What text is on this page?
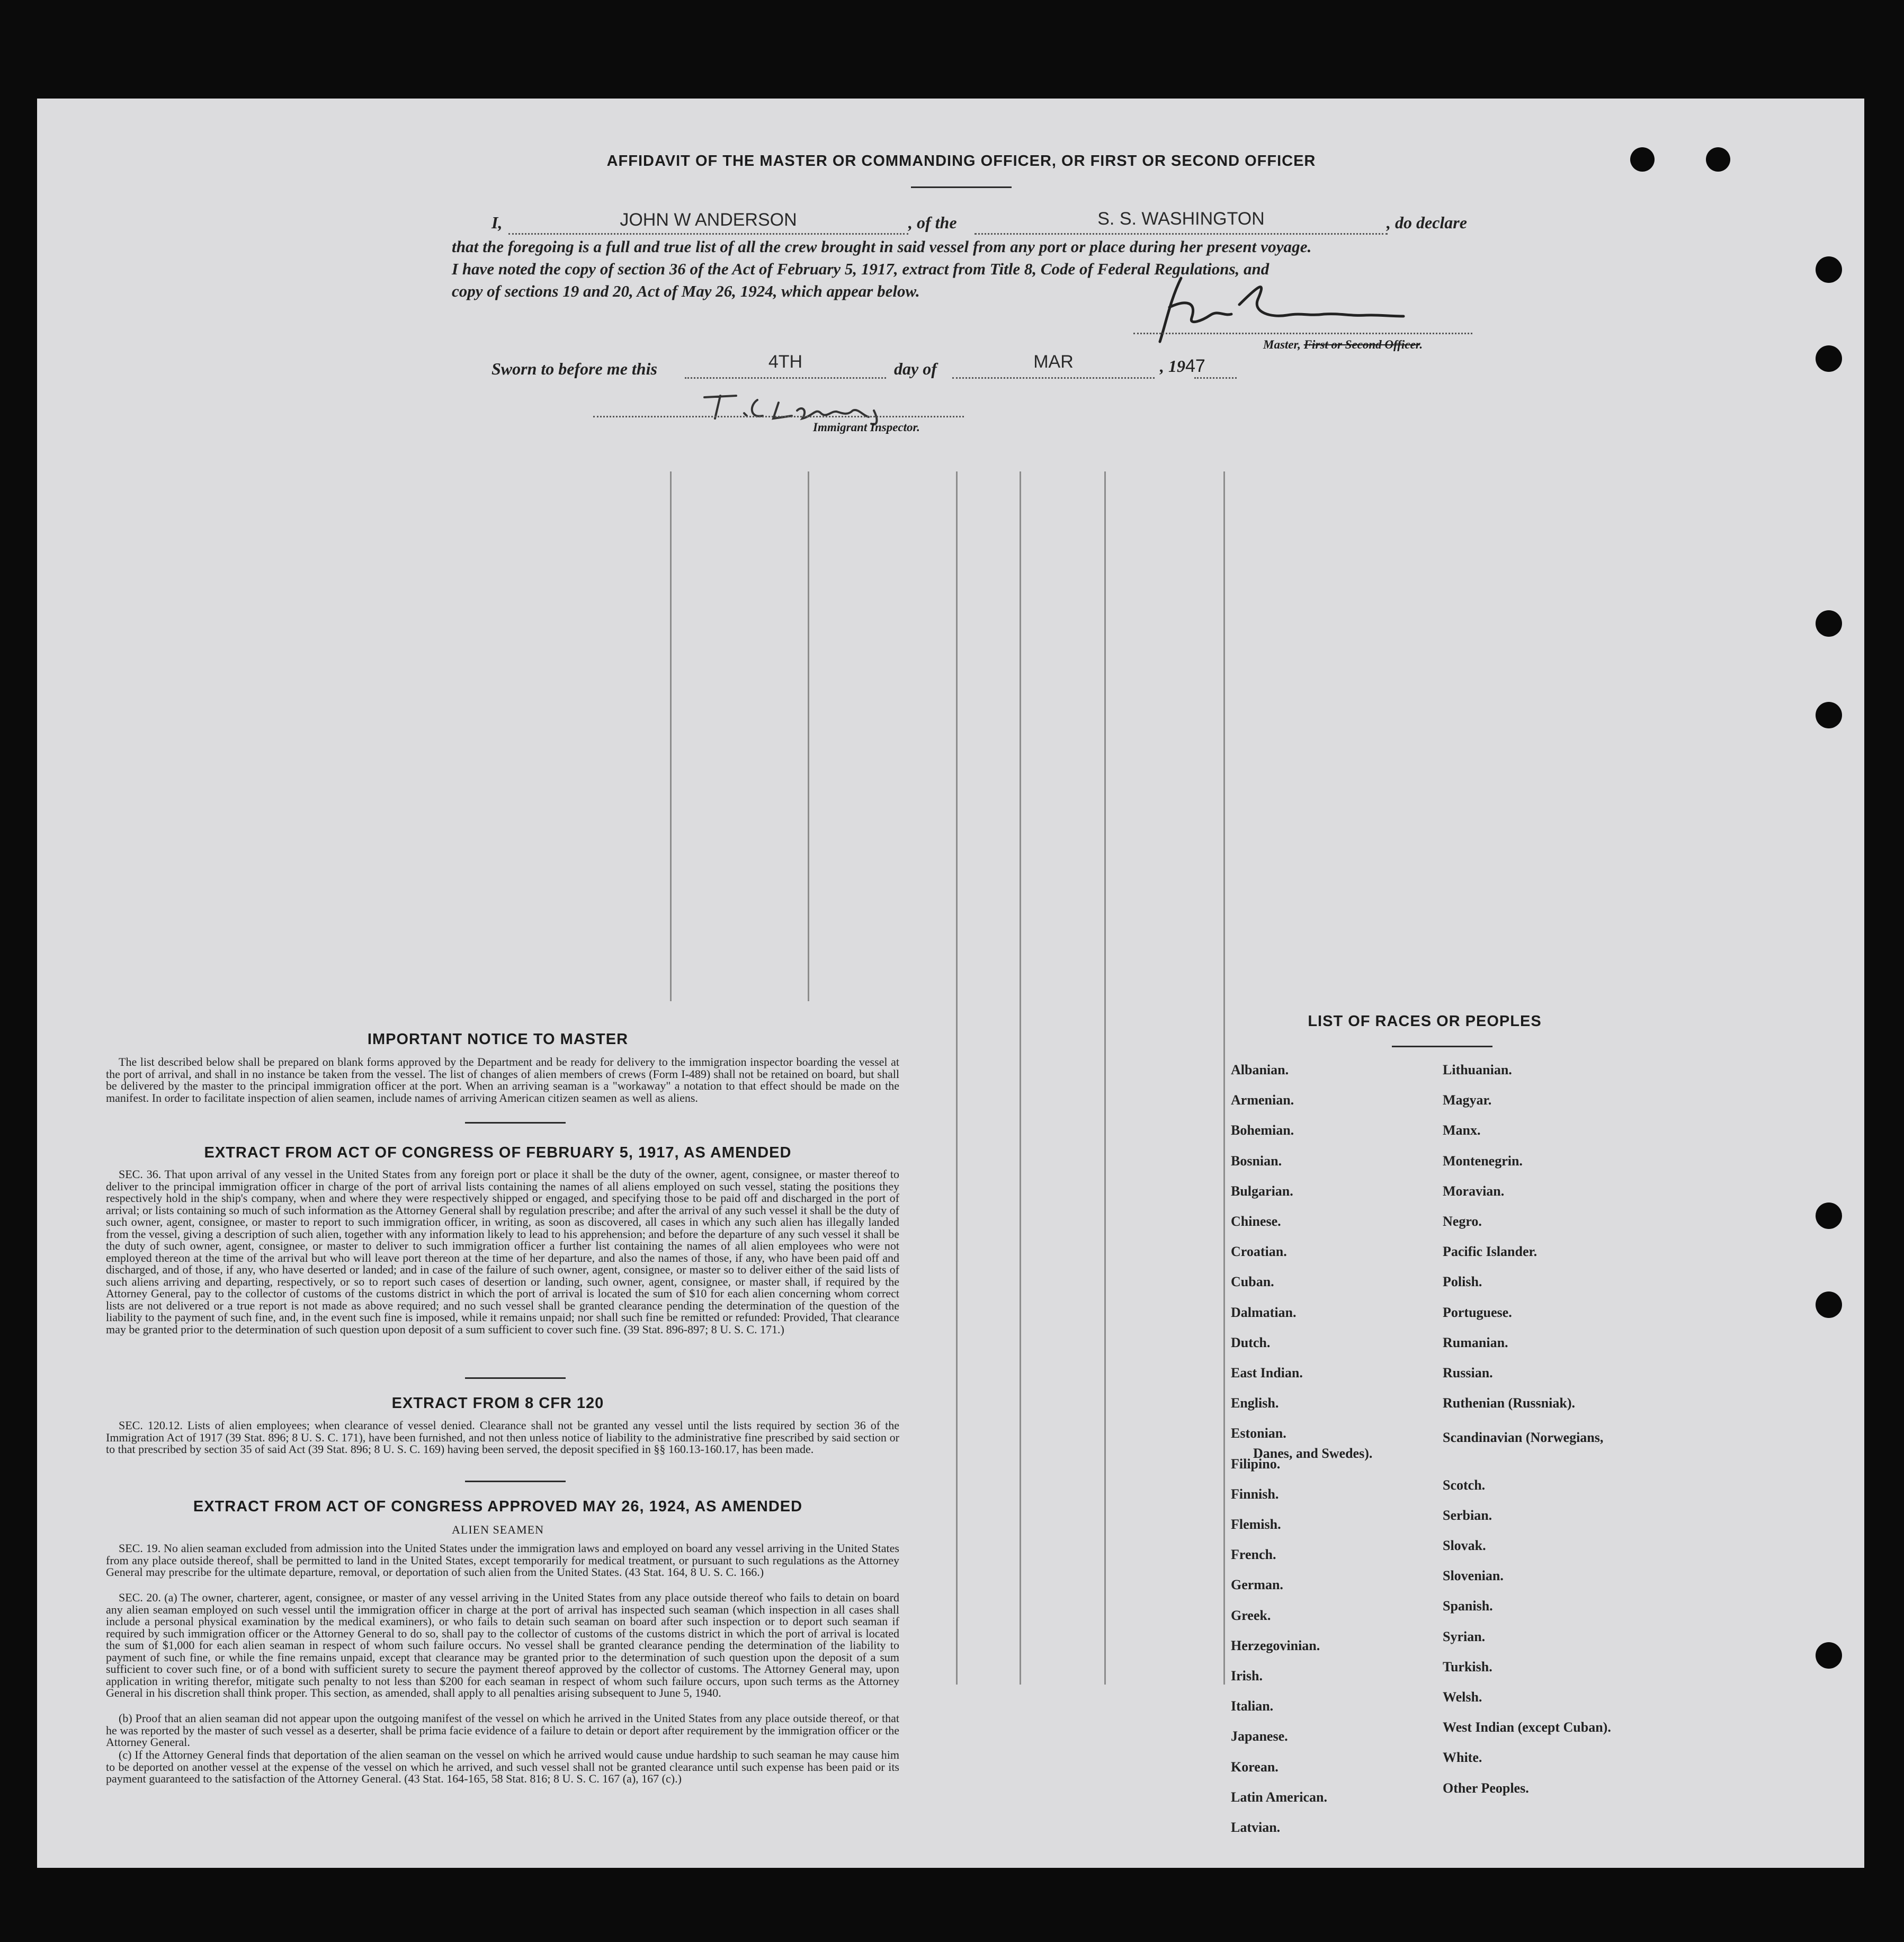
AFFIDAVIT OF THE MASTER OR COMMANDING OFFICER, OR FIRST OR SECOND OFFICER
I,	JOHN W ANDERSON	, of the	S. S. WASHINGTON	, do declare
that the foregoing is a full and true list of all the crew brought in said vessel from any port or place during her present voyage.
I have noted the copy of section 36 of the Act of February 5, 1917, extract from Title 8, Code of Federal Regulations, and
copy of sections 19 and 20, Act of May 26, 1924, which appear below.
Master, First or Second Officer.
Sworn to before me this	4TH	day of	MAR	, 1947
Immigrant Inspector.
IMPORTANT NOTICE TO MASTER
The list described below shall be prepared on blank forms approved by the Department and be ready for delivery to the immigration inspector boarding the vessel at the port of arrival, and shall in no instance be taken from the vessel. The list of changes of alien members of crews (Form I-489) shall not be retained on board, but shall be delivered by the master to the principal immigration officer at the port. When an arriving seaman is a "workaway" a notation to that effect should be made on the manifest. In order to facilitate inspection of alien seamen, include names of arriving American citizen seamen as well as aliens.
EXTRACT FROM ACT OF CONGRESS OF FEBRUARY 5, 1917, AS AMENDED
SEC. 36. That upon arrival of any vessel in the United States from any foreign port or place it shall be the duty of the owner, agent, consignee, or master thereof to deliver to the principal immigration officer in charge of the port of arrival lists containing the names of all aliens employed on such vessel, stating the positions they respectively hold in the ship's company, when and where they were respectively shipped or engaged, and specifying those to be paid off and discharged in the port of arrival; or lists containing so much of such information as the Attorney General shall by regulation prescribe; and after the arrival of any such vessel it shall be the duty of such owner, agent, consignee, or master to report to such immigration officer, in writing, as soon as discovered, all cases in which any such alien has illegally landed from the vessel, giving a description of such alien, together with any information likely to lead to his apprehension; and before the departure of any such vessel it shall be the duty of such owner, agent, consignee, or master to deliver to such immigration officer a further list containing the names of all alien employees who were not employed thereon at the time of the arrival but who will leave port thereon at the time of her departure, and also the names of those, if any, who have been paid off and discharged, and of those, if any, who have deserted or landed; and in case of the failure of such owner, agent, consignee, or master so to deliver either of the said lists of such aliens arriving and departing, respectively, or so to report such cases of desertion or landing, such owner, agent, consignee, or master shall, if required by the Attorney General, pay to the collector of customs of the customs district in which the port of arrival is located the sum of $10 for each alien concerning whom correct lists are not delivered or a true report is not made as above required; and no such vessel shall be granted clearance pending the determination of the question of the liability to the payment of such fine, and, in the event such fine is imposed, while it remains unpaid; nor shall such fine be remitted or refunded: Provided, That clearance may be granted prior to the determination of such question upon deposit of a sum sufficient to cover such fine. (39 Stat. 896-897; 8 U. S. C. 171.)
EXTRACT FROM 8 CFR 120
SEC. 120.12. Lists of alien employees; when clearance of vessel denied. Clearance shall not be granted any vessel until the lists required by section 36 of the Immigration Act of 1917 (39 Stat. 896; 8 U. S. C. 171), have been furnished, and not then unless notice of liability to the administrative fine prescribed by said section or to that prescribed by section 35 of said Act (39 Stat. 896; 8 U. S. C. 169) having been served, the deposit specified in §§ 160.13-160.17, has been made.
EXTRACT FROM ACT OF CONGRESS APPROVED MAY 26, 1924, AS AMENDED
ALIEN SEAMEN
SEC. 19. No alien seaman excluded from admission into the United States under the immigration laws and employed on board any vessel arriving in the United States from any place outside thereof, shall be permitted to land in the United States, except temporarily for medical treatment, or pursuant to such regulations as the Attorney General may prescribe for the ultimate departure, removal, or deportation of such alien from the United States. (43 Stat. 164, 8 U. S. C. 166.)
SEC. 20. (a) The owner, charterer, agent, consignee, or master of any vessel arriving in the United States from any place outside thereof who fails to detain on board any alien seaman employed on such vessel until the immigration officer in charge at the port of arrival has inspected such seaman (which inspection in all cases shall include a personal physical examination by the medical examiners), or who fails to detain such seaman on board after such inspection or to deport such seaman if required by such immigration officer or the Attorney General to do so, shall pay to the collector of customs of the customs district in which the port of arrival is located the sum of $1,000 for each alien seaman in respect of whom such failure occurs. No vessel shall be granted clearance pending the determination of the liability to payment of such fine, or while the fine remains unpaid, except that clearance may be granted prior to the determination of such question upon the deposit of a sum sufficient to cover such fine, or of a bond with sufficient surety to secure the payment thereof approved by the collector of customs. The Attorney General may, upon application in writing therefor, mitigate such penalty to not less than $200 for each seaman in respect of whom such failure occurs, upon such terms as the Attorney General in his discretion shall think proper. This section, as amended, shall apply to all penalties arising subsequent to June 5, 1940.
(b) Proof that an alien seaman did not appear upon the outgoing manifest of the vessel on which he arrived in the United States from any place outside thereof, or that he was reported by the master of such vessel as a deserter, shall be prima facie evidence of a failure to detain or deport after requirement by the immigration officer or the Attorney General.
(c) If the Attorney General finds that deportation of the alien seaman on the vessel on which he arrived would cause undue hardship to such seaman he may cause him to be deported on another vessel at the expense of the vessel on which he arrived, and such vessel shall not be granted clearance until such expense has been paid or its payment guaranteed to the satisfaction of the Attorney General. (43 Stat. 164-165, 58 Stat. 816; 8 U. S. C. 167 (a), 167 (c).)
LIST OF RACES OR PEOPLES
Albanian.
Armenian.
Bohemian.
Bosnian.
Bulgarian.
Chinese.
Croatian.
Cuban.
Dalmatian.
Dutch.
East Indian.
English.
Estonian.
Filipino.
Finnish.
Flemish.
French.
German.
Greek.
Herzegovinian.
Irish.
Italian.
Japanese.
Korean.
Latin American.
Latvian.
Lithuanian.
Magyar.
Manx.
Montenegrin.
Moravian.
Negro.
Pacific Islander.
Polish.
Portuguese.
Rumanian.
Russian.
Ruthenian (Russniak).
Scandinavian (Norwegians,
Danes, and Swedes).
Scotch.
Serbian.
Slovak.
Slovenian.
Spanish.
Syrian.
Turkish.
Welsh.
West Indian (except Cuban).
White.
Other Peoples.
